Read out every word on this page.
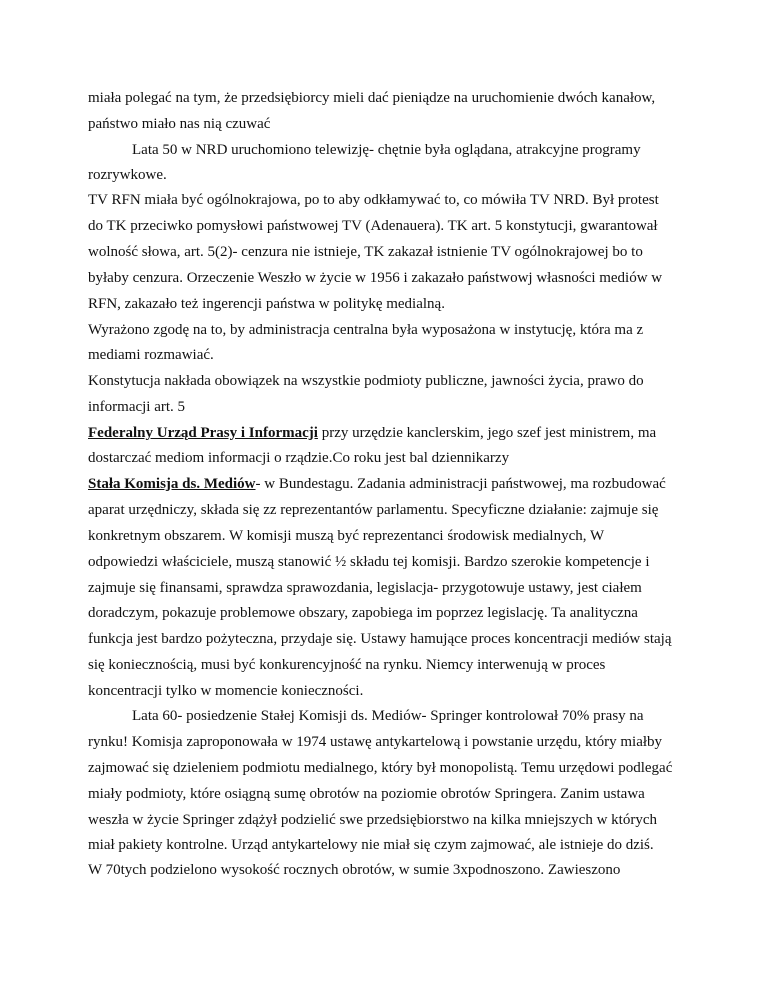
miała polegać na tym, że przedsiębiorcy mieli dać pieniądze na uruchomienie dwóch kanałow,
państwo miało nas nią czuwać
Lata 50 w NRD uruchomiono telewizję- chętnie była oglądana, atrakcyjne programy
rozrywkowe.
TV RFN miała być ogólnokrajowa, po to aby odkłamywać to, co mówiła TV NRD. Był protest
do TK przeciwko pomysłowi państwowej TV (Adenauera). TK art. 5 konstytucji, gwarantował
wolność słowa, art. 5(2)- cenzura nie istnieje, TK zakazał istnienie TV ogólnokrajowej bo to
byłaby cenzura. Orzeczenie Weszło w życie w 1956 i zakazało państwowj własności mediów w
RFN, zakazało też ingerencji państwa w politykę medialną.
Wyrażono zgodę na to, by administracja centralna była wyposażona w instytucję, która ma z
mediami rozmawiać.
Konstytucja nakłada obowiązek na wszystkie podmioty publiczne, jawności życia, prawo do
informacji art. 5
Federalny Urząd Prasy i Informacji przy urzędzie kanclerskim, jego szef jest ministrem, ma
dostarczać mediom informacji o rządzie.Co roku jest bal dziennikarzy
Stała Komisja ds. Mediów- w Bundestagu. Zadania administracji państwowej, ma rozbudować
aparat urzędniczy, składa się zz reprezentantów parlamentu. Specyficzne działanie: zajmuje się
konkretnym obszarem. W komisji muszą być reprezentanci środowisk medialnych, W
odpowiedzi właściciele, muszą stanowić ½ składu tej komisji. Bardzo szerokie kompetencje i
zajmuje się finansami, sprawdza sprawozdania, legislacja- przygotowuje ustawy, jest ciałem
doradczym, pokazuje problemowe obszary, zapobiega im poprzez legislację. Ta analityczna
funkcja jest bardzo pożyteczna, przydaje się. Ustawy hamujące proces koncentracji mediów stają
się koniecznością, musi być konkurencyjność na rynku. Niemcy interwenują w proces
koncentracji tylko w momencie konieczności.
Lata 60- posiedzenie Stałej Komisji ds. Mediów- Springer kontrolował 70% prasy na
rynku! Komisja zaproponowała w 1974 ustawę antykartelową i powstanie urzędu, który miałby
zajmować się dzieleniem podmiotu medialnego, który był monopolistą. Temu urzędowi podlegać
miały podmioty, które osiągną sumę obrotów na poziomie obrotów Springera. Zanim ustawa
weszła w życie Springer zdążył podzielić swe przedsiębiorstwo na kilka mniejszych w których
miał pakiety kontrolne. Urząd antykartelowy nie miał się czym zajmować, ale istnieje do dziś.
W 70tych podzielono wysokość rocznych obrotów, w sumie 3xpodnoszono. Zawieszono
